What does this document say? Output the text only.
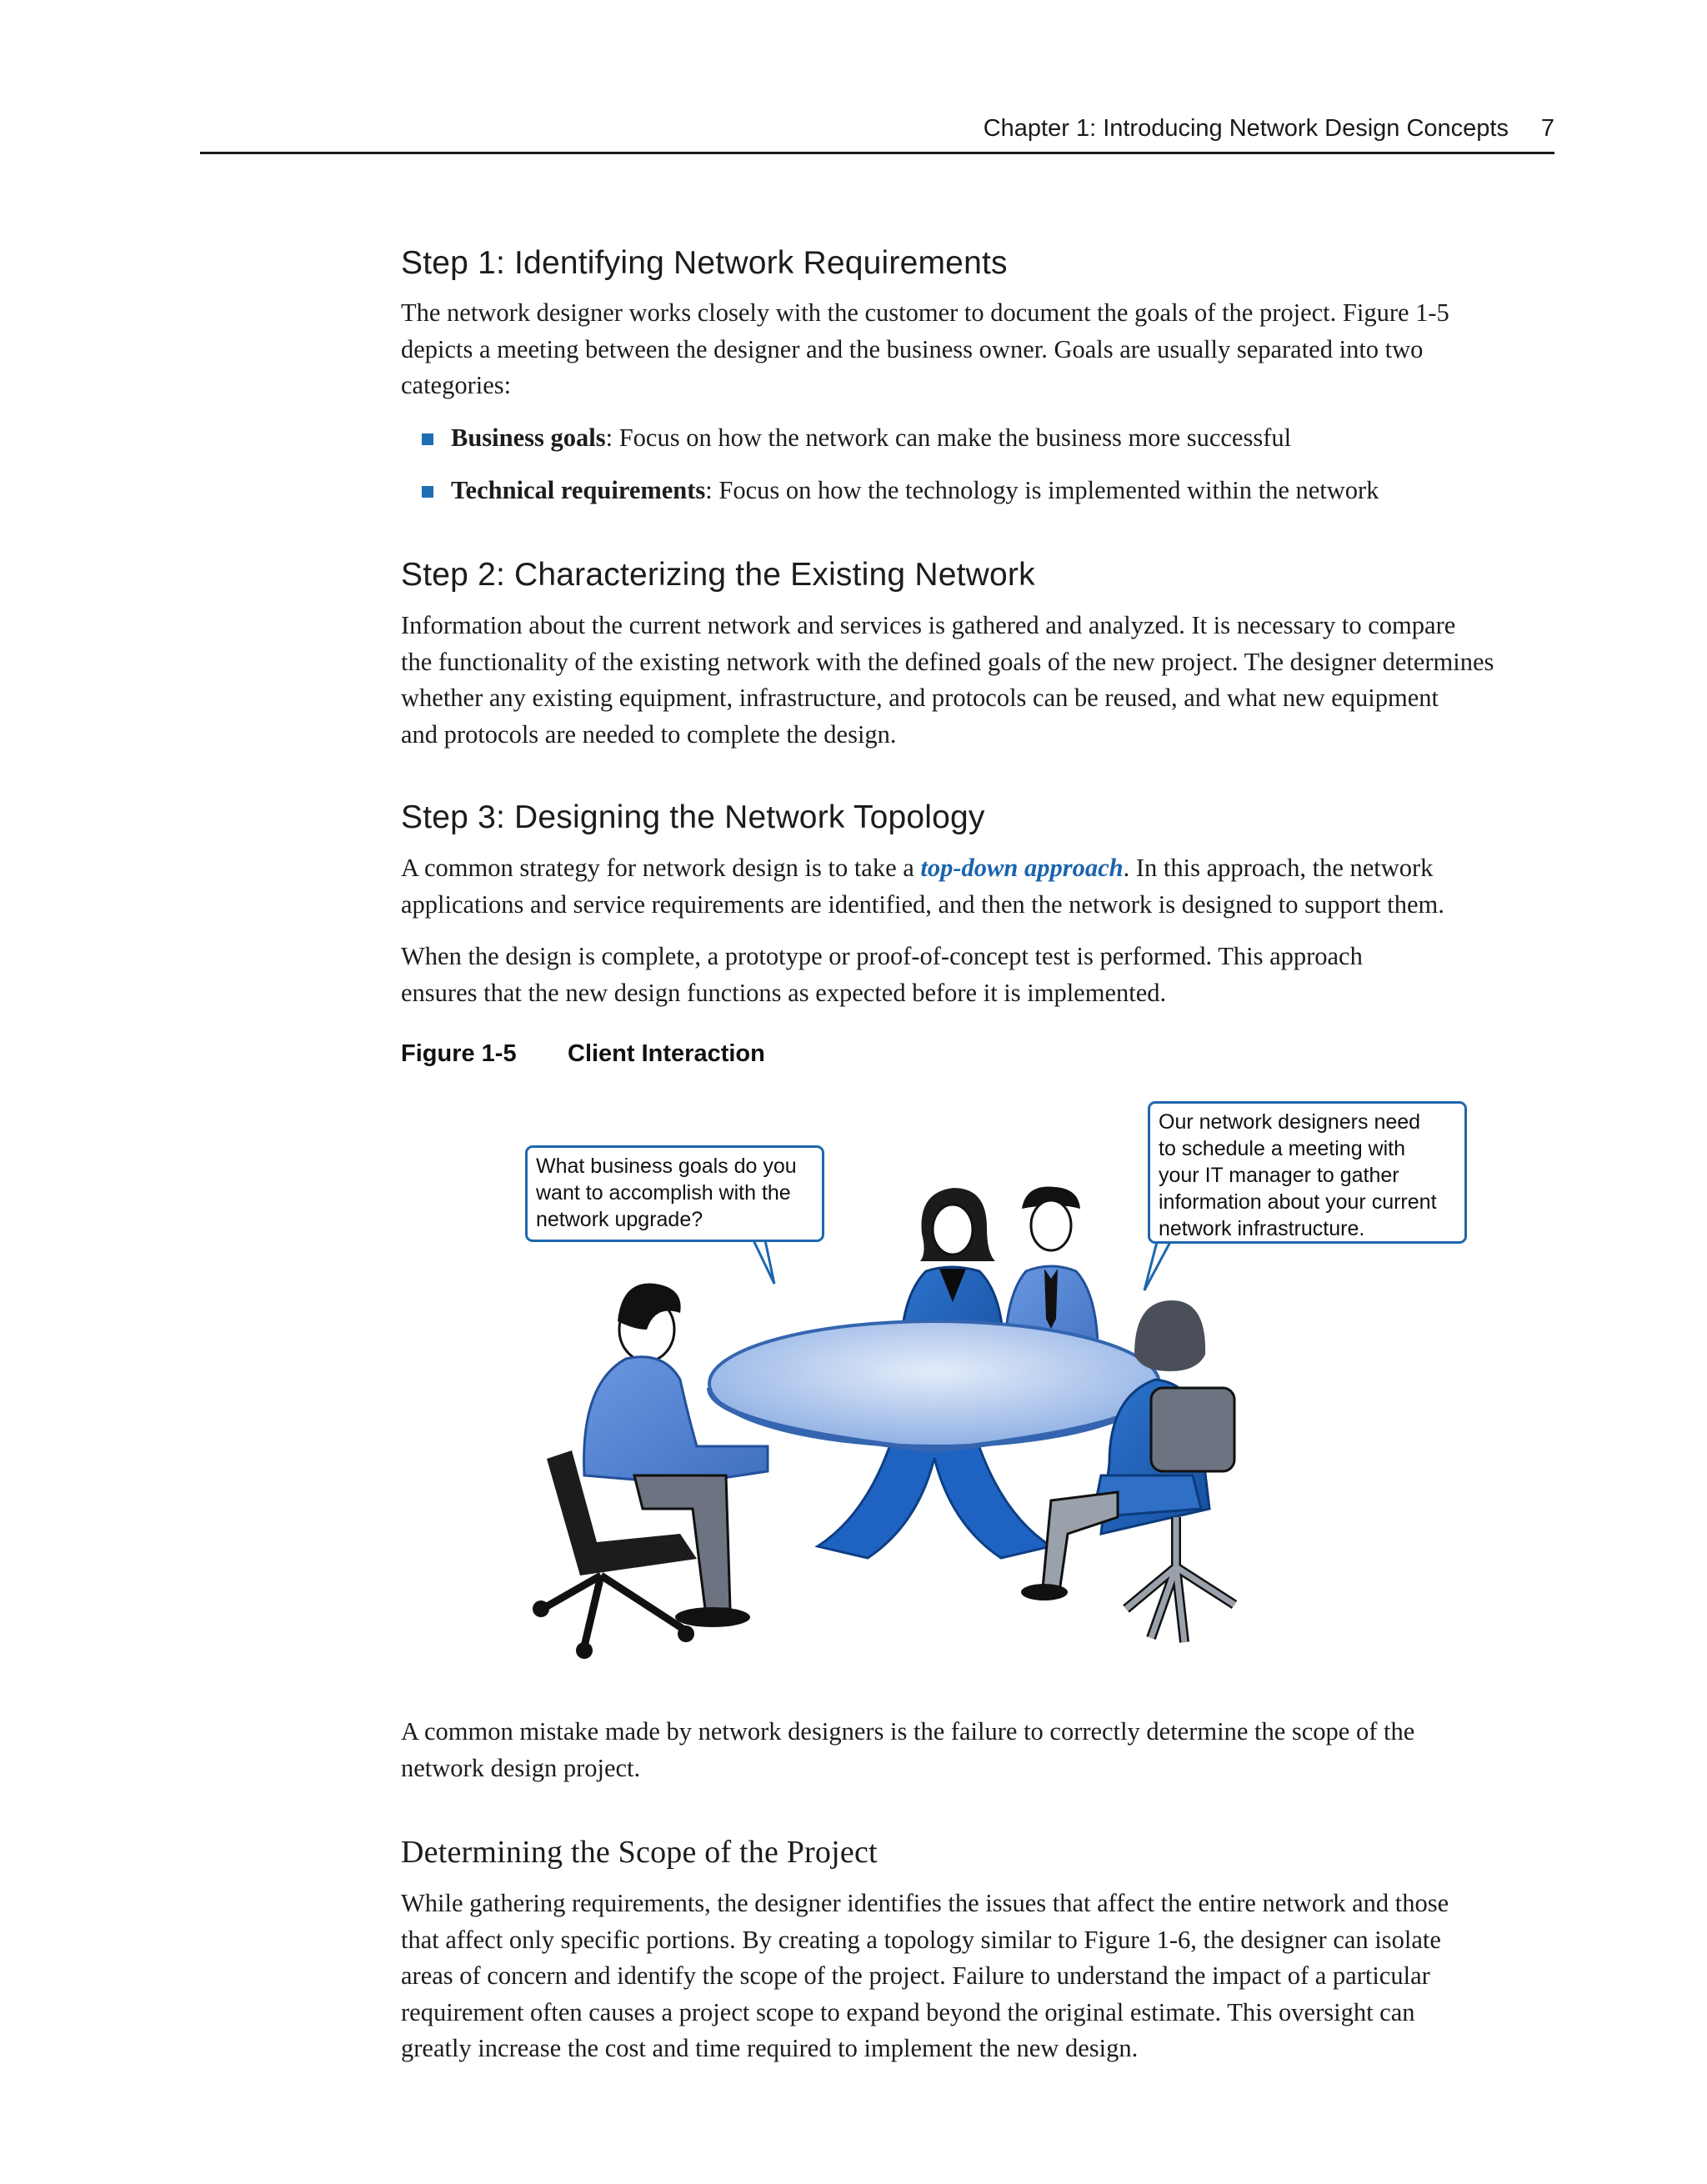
Chapter 1: Introducing Network Design Concepts 7
Step 1: Identifying Network Requirements

The network designer works closely with the customer to document the goals of the project. Figure 1-5
depicts a meeting between the designer and the business owner. Goals are usually separated into two
categories:

Business goals: Focus on how the network can make the business more successful
Technical requirements: Focus on how the technology is implemented within the network
Step 2: Characterizing the Existing Network

Information about the current network and services is gathered and analyzed. It is necessary to compare
the functionality of the existing network with the defined goals of the new project. The designer determines
whether any existing equipment, infrastructure, and protocols can be reused, and what new equipment
and protocols are needed to complete the design.

Step 3: Designing the Network Topology

A common strategy for network design is to take a top-down approach. In this approach, the network
applications and service requirements are identified, and then the network is designed to support them.

When the design is complete, a prototype or proof-of-concept test is performed. This approach
ensures that the new design functions as expected before it is implemented.

Figure 1-5 Client Interaction
What business goals do you
want to accomplish with the
network upgrade?
Our network designers need
to schedule a meeting with
your IT manager to gather
information about your current
network infrastructure.

A common mistake made by network designers is the failure to correctly determine the scope of the
network design project.

Determining the Scope of the Project

While gathering requirements, the designer identifies the issues that affect the entire network and those
that affect only specific portions. By creating a topology similar to Figure 1-6, the designer can isolate
areas of concern and identify the scope of the project. Failure to understand the impact of a particular
requirement often causes a project scope to expand beyond the original estimate. This oversight can
greatly increase the cost and time required to implement the new design.
